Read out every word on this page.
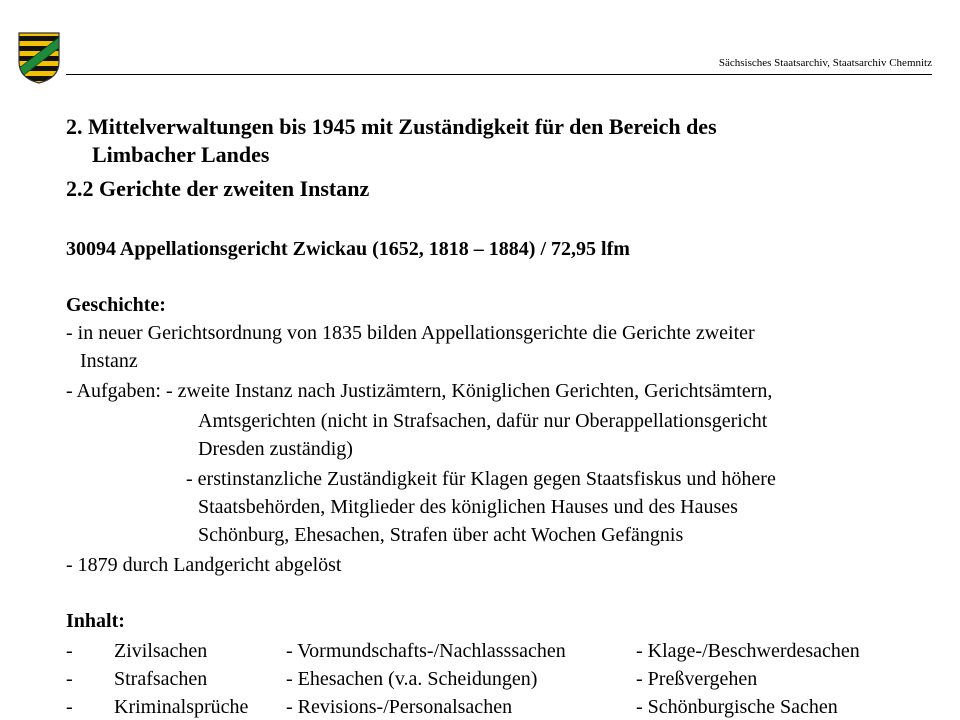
Sächsisches Staatsarchiv, Staatsarchiv Chemnitz
2. Mittelverwaltungen bis 1945 mit Zuständigkeit für den Bereich des
Limbacher Landes
2.2 Gerichte der zweiten Instanz
30094 Appellationsgericht Zwickau (1652, 1818 – 1884) / 72,95 lfm
Geschichte:
- in neuer Gerichtsordnung von 1835 bilden Appellationsgerichte die Gerichte zweiter
Instanz
- Aufgaben: - zweite Instanz nach Justizämtern, Königlichen Gerichten, Gerichtsämtern,
Amtsgerichten (nicht in Strafsachen, dafür nur Oberappellationsgericht
Dresden zuständig)
- erstinstanzliche Zuständigkeit für Klagen gegen Staatsfiskus und höhere
Staatsbehörden, Mitglieder des königlichen Hauses und des Hauses
Schönburg, Ehesachen, Strafen über acht Wochen Gefängnis
- 1879 durch Landgericht abgelöst
Inhalt:
- Zivilsachen	- Vormundschafts-/Nachlasssachen	- Klage-/Beschwerdesachen
- Strafsachen	- Ehesachen (v.a. Scheidungen)	- Preßvergehen
- Kriminalsprüche - Revisions-/Personalsachen	- Schönburgische Sachen
